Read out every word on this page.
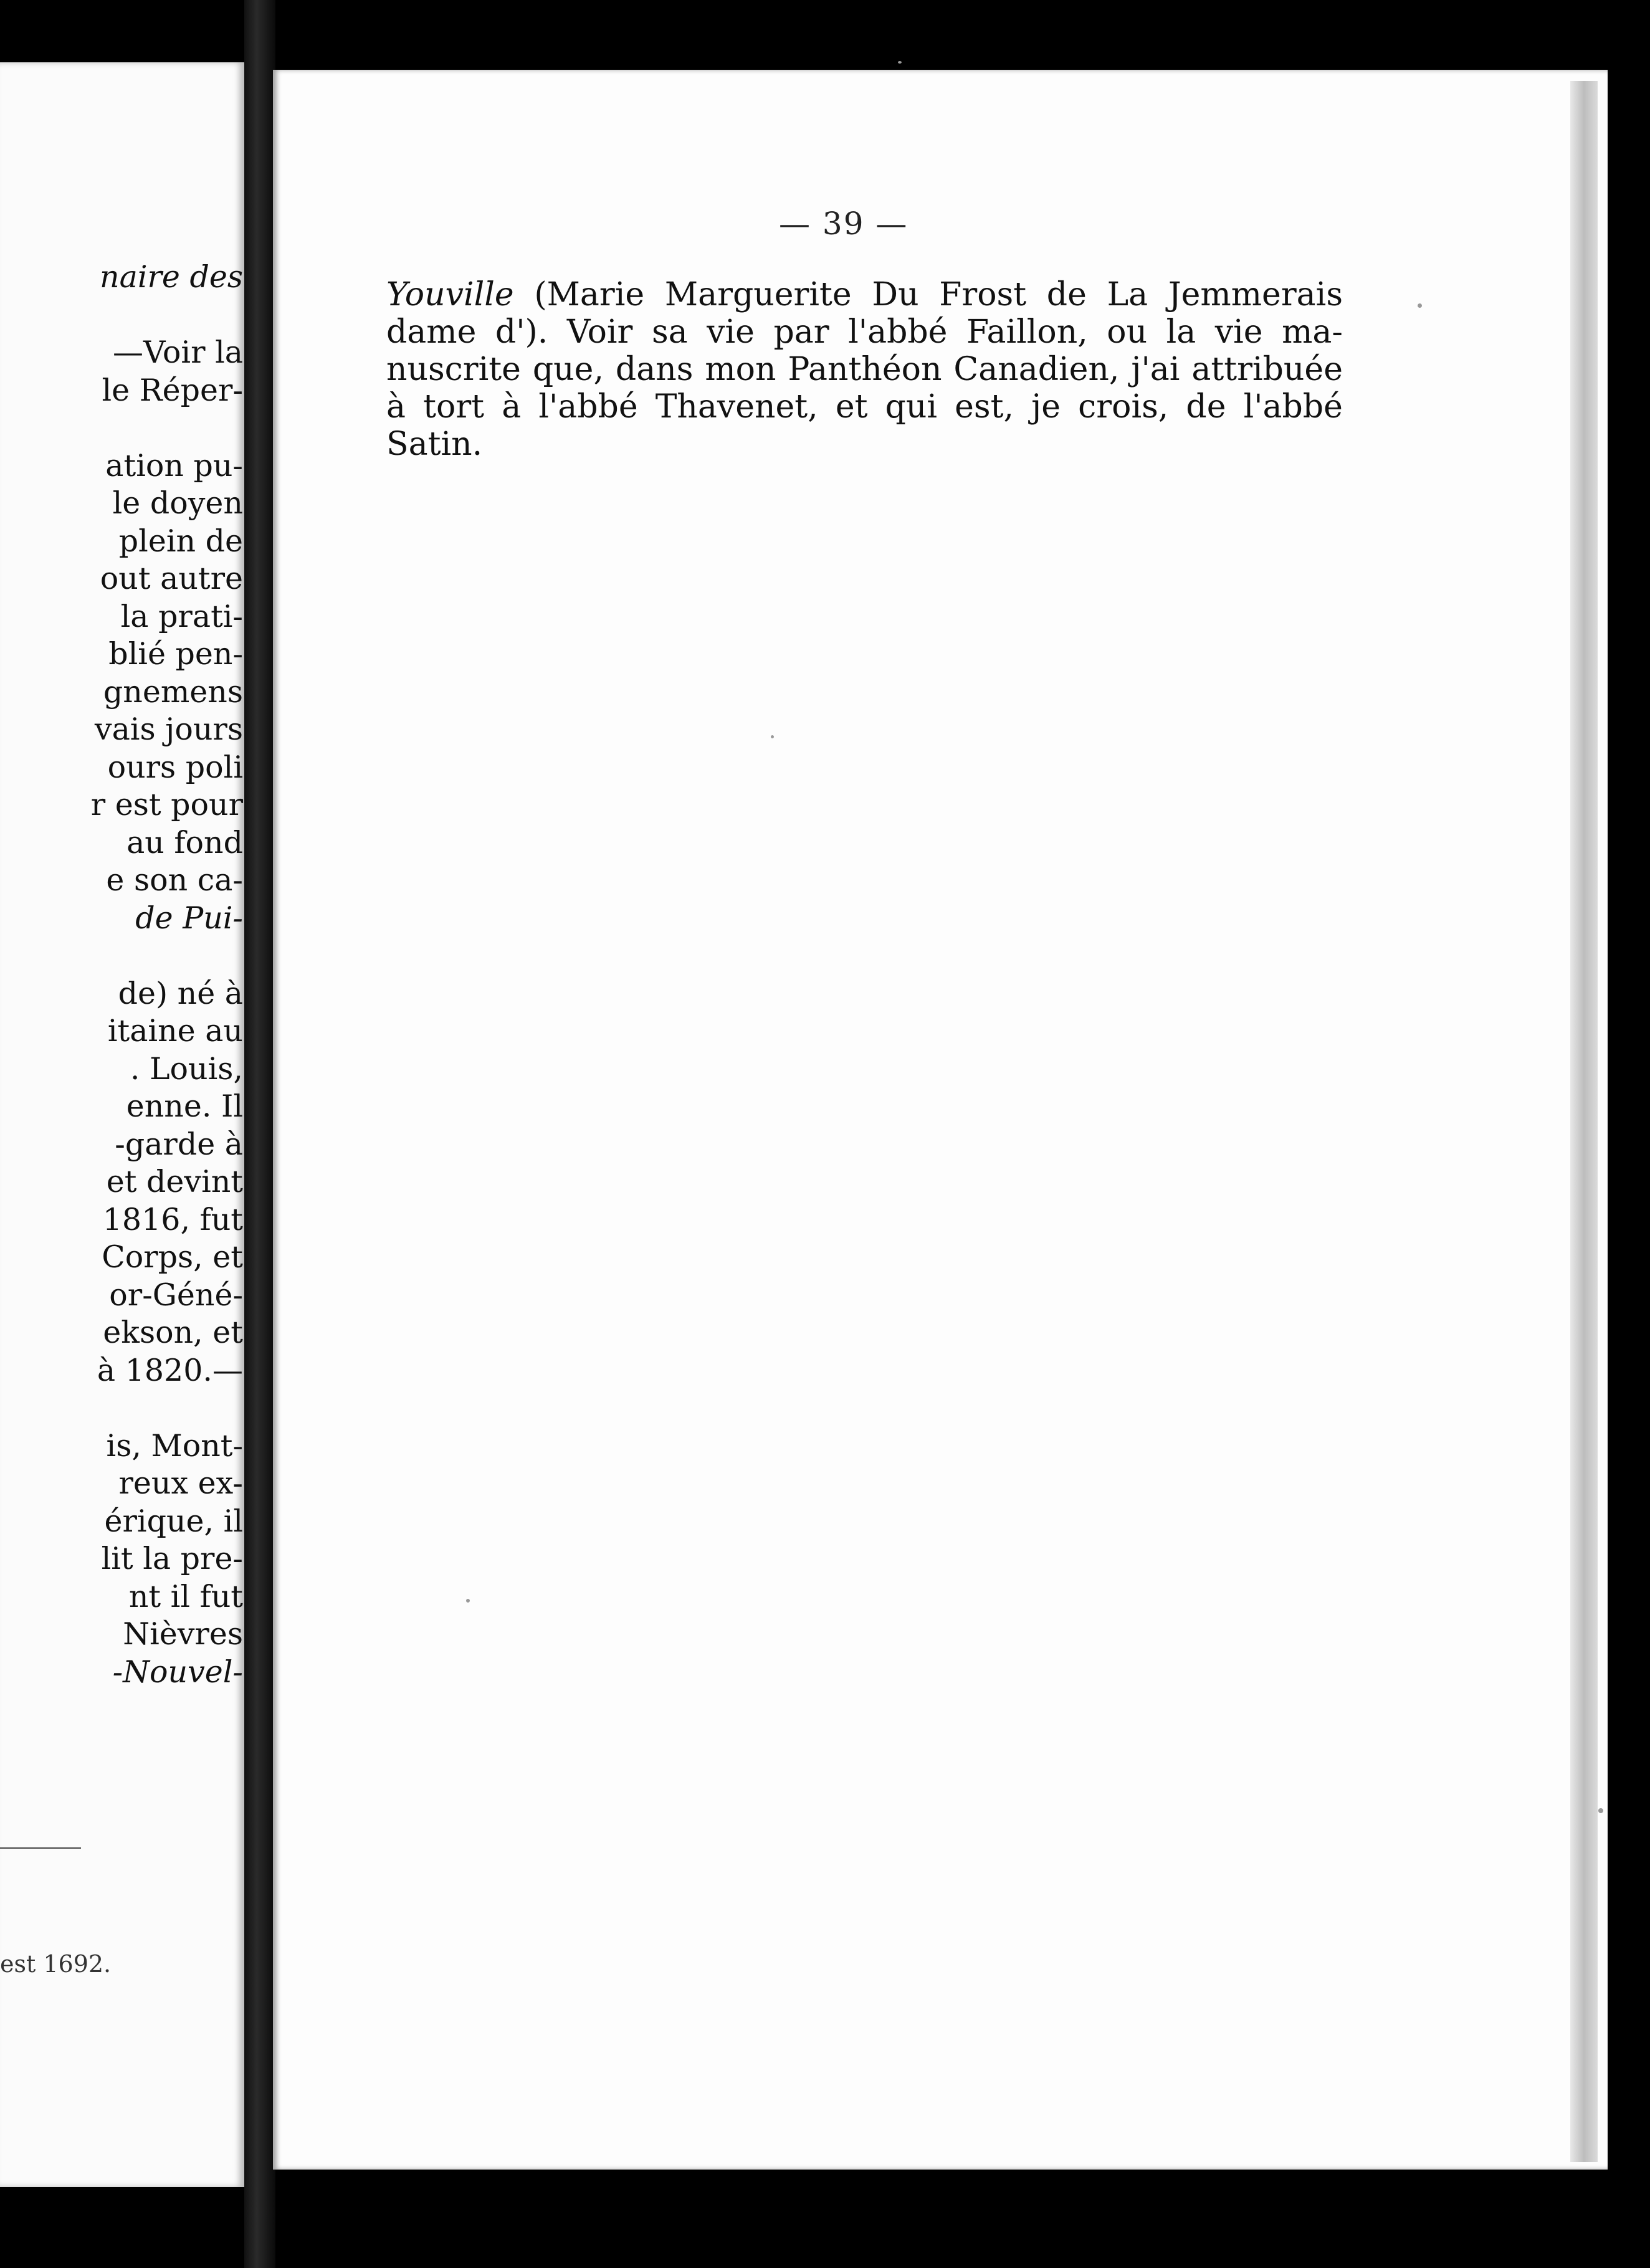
naire des
—Voir la
le Réper-
ation pu-
le doyen
plein de
out autre
la prati-
blié pen-
gnemens
vais jours
ours poli
r est pour
au fond
e son ca-
de Pui-
de) né à
itaine au
. Louis,
enne. Il
-garde à
et devint
1816, fut
Corps, et
or-Géné-
ekson, et
à 1820.—
is, Mont-
reux ex-
érique, il
lit la pre-
nt il fut
Nièvres
-Nouvel-
est 1692.
— 39 —
Youville (Marie Marguerite Du Frost de La Jemmerais
dame d'). Voir sa vie par l'abbé Faillon, ou la vie ma-
nuscrite que, dans mon Panthéon Canadien, j'ai attribuée
à tort à l'abbé Thavenet, et qui est, je crois, de l'abbé
Satin.
